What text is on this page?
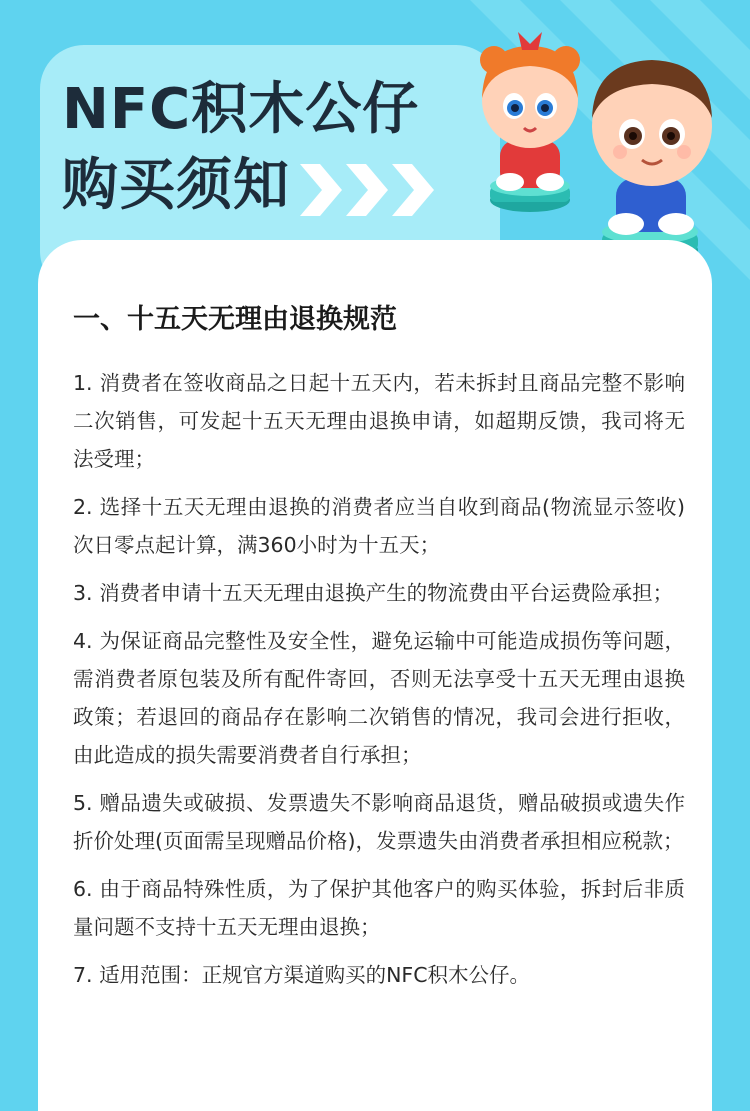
NFC积木公仔
购买须知
一、十五天无理由退换规范
1. 消费者在签收商品之日起十五天内，若未拆封且商品完整不影响二次销售，可发起十五天无理由退换申请，如超期反馈，我司将无法受理；
2. 选择十五天无理由退换的消费者应当自收到商品(物流显示签收)次日零点起计算，满360小时为十五天；
3. 消费者申请十五天无理由退换产生的物流费由平台运费险承担；
4. 为保证商品完整性及安全性，避免运输中可能造成损伤等问题，需消费者原包装及所有配件寄回，否则无法享受十五天无理由退换政策；若退回的商品存在影响二次销售的情况，我司会进行拒收，由此造成的损失需要消费者自行承担；
5. 赠品遗失或破损、发票遗失不影响商品退货，赠品破损或遗失作折价处理(页面需呈现赠品价格)，发票遗失由消费者承担相应税款；
6. 由于商品特殊性质，为了保护其他客户的购买体验，拆封后非质量问题不支持十五天无理由退换；
7. 适用范围：正规官方渠道购买的NFC积木公仔。
